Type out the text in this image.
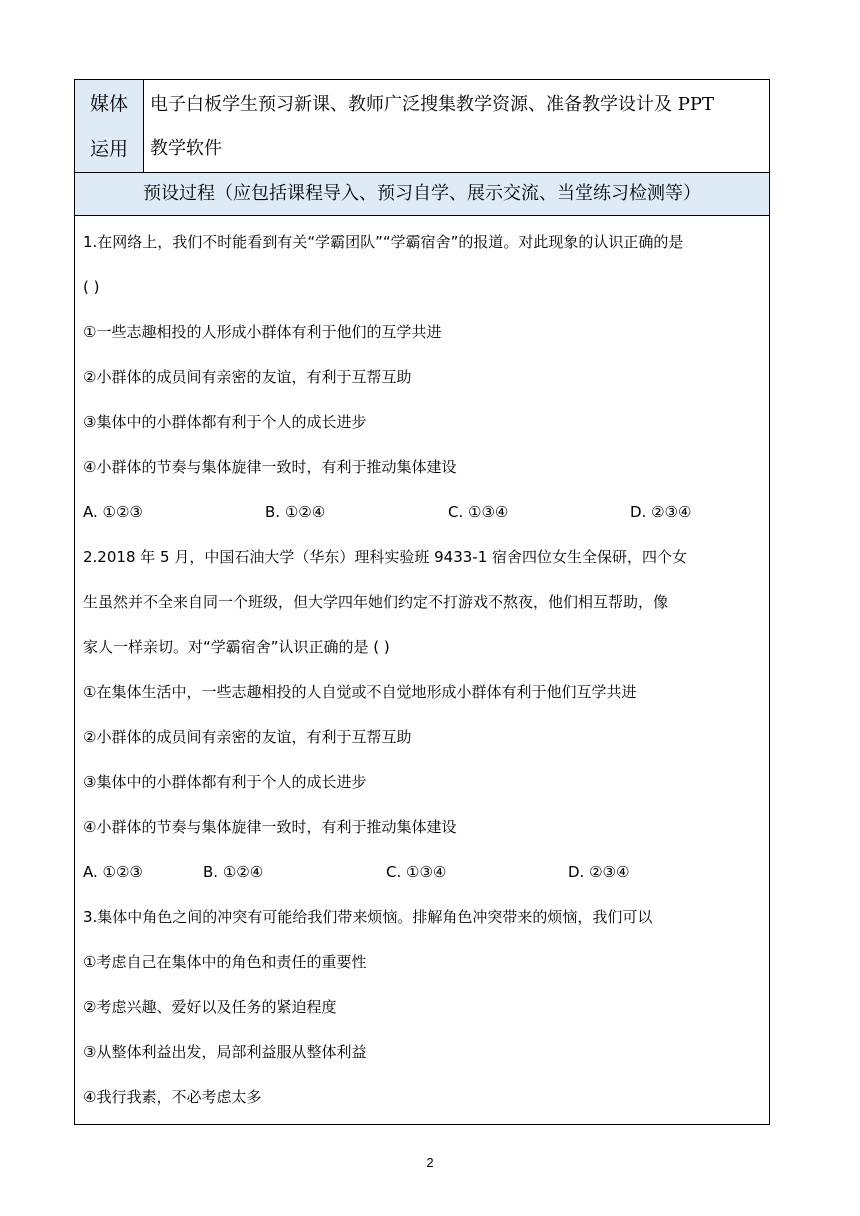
媒体
运用

电子白板学生预习新课、教师广泛搜集教学资源、准备教学设计及 PPT
教学软件

预设过程（应包括课程导入、预习自学、展示交流、当堂练习检测等）

1.在网络上，我们不时能看到有关“学霸团队”“学霸宿舍”的报道。对此现象的认识正确的是
( )
①一些志趣相投的人形成小群体有利于他们的互学共进
②小群体的成员间有亲密的友谊，有利于互帮互助
③集体中的小群体都有利于个人的成长进步
④小群体的节奏与集体旋律一致时，有利于推动集体建设
A. ①②③	B. ①②④	C. ①③④	D. ②③④
2.2018 年 5 月，中国石油大学（华东）理科实验班 9433-1 宿舍四位女生全保研，四个女
生虽然并不全来自同一个班级，但大学四年她们约定不打游戏不熬夜，他们相互帮助，像
家人一样亲切。对“学霸宿舍”认识正确的是 ( )
①在集体生活中，一些志趣相投的人自觉或不自觉地形成小群体有利于他们互学共进
②小群体的成员间有亲密的友谊，有利于互帮互助
③集体中的小群体都有利于个人的成长进步
④小群体的节奏与集体旋律一致时，有利于推动集体建设
A. ①②③	B. ①②④	C. ①③④	D. ②③④
3.集体中角色之间的冲突有可能给我们带来烦恼。排解角色冲突带来的烦恼，我们可以
①考虑自己在集体中的角色和责任的重要性
②考虑兴趣、爱好以及任务的紧迫程度
③从整体利益出发，局部利益服从整体利益
④我行我素，不必考虑太多
2
